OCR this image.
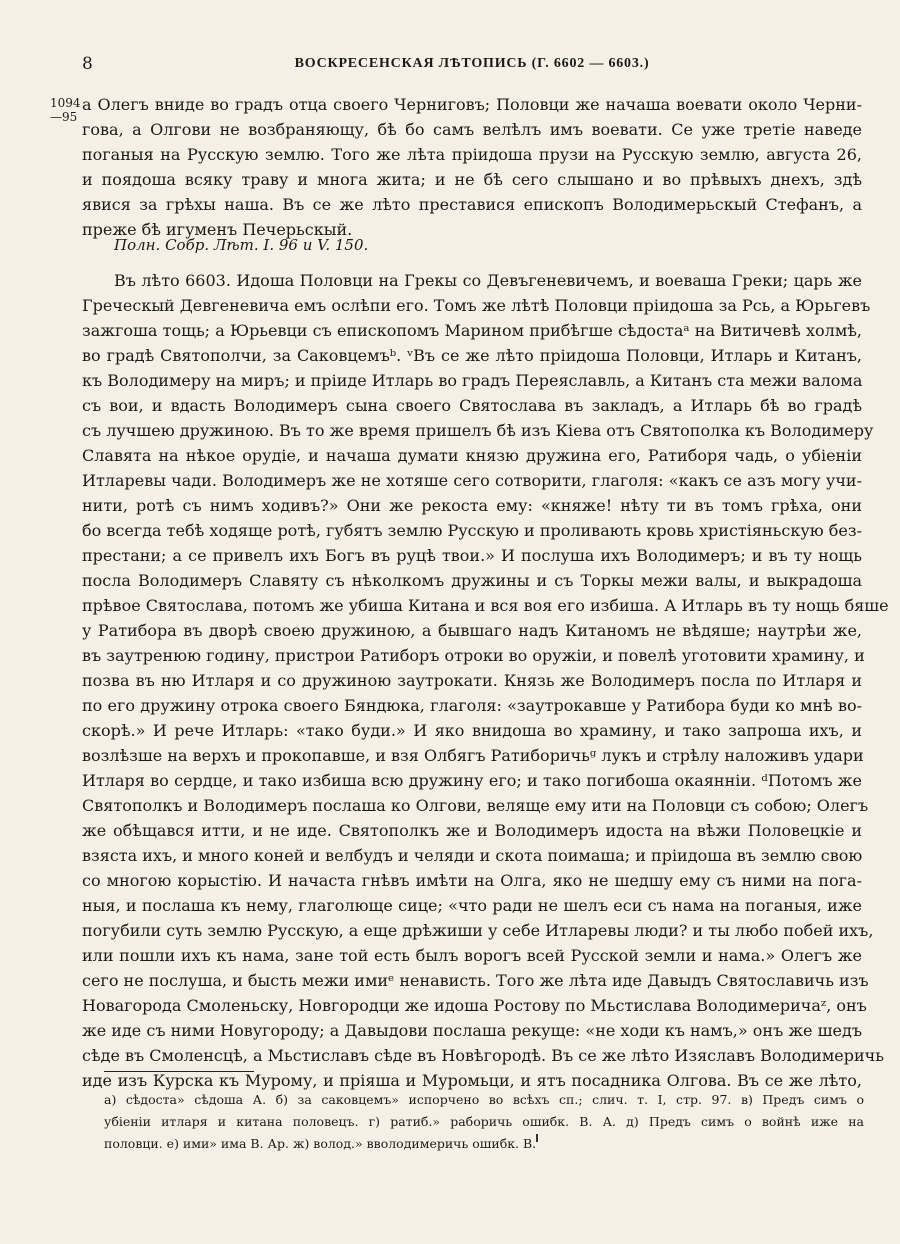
8	ВОСКРЕСЕНСКАЯ ЛѢТОПИСЬ (Г. 6602 — 6603.)
1094
—95
а Олегъ вниде во градъ отца своего Черниговъ; Половци же начаша воевати около Черни-
гова, а Олгови не возбраняющу, бѣ бо самъ велѣлъ имъ воевати. Се уже третіе наведе
поганыя на Русскую землю. Того же лѣта пріидоша прузи на Русскую землю, августа 26,
и поядоша всяку траву и многа жита; и не бѣ сего слышано и во прѣвыхъ днехъ, здѣ
явися за грѣхы наша. Въ се же лѣто преставися епископъ Володимерьскый Стефанъ, а
преже бѣ игуменъ Печерьскый.
Полн. Собр. Лѣт. I. 96 и V. 150.
Въ лѣто 6603. Идоша Половци на Грекы со Девъгеневичемъ, и воеваша Греки; царь же
Греческый Девгеневича емъ ослѣпи его. Томъ же лѣтѣ Половци пріидоша за Рсь, а Юрьгевъ
зажгоша тощь; а Юрьевци съ епископомъ Марином прибѣгше сѣдостаᵃ на Витичевѣ холмѣ,
во градѣ Святополчи, за Саковцемъᵇ. ᵛВъ се же лѣто пріидоша Половци, Итларь и Китанъ,
къ Володимеру на миръ; и пріиде Итларь во градъ Переяславль, а Китанъ ста межи валома
съ вои, и вдасть Володимеръ сына своего Святослава въ закладъ, а Итларь бѣ во градѣ
съ лучшею дружиною. Въ то же время пришелъ бѣ изъ Кіева отъ Святополка къ Володимеру
Славята на нѣкое орудіе, и начаша думати князю дружина его, Ратиборя чадь, о убіеніи
Итларевы чади. Володимеръ же не хотяше сего сотворити, глаголя: «какъ се азъ могу учи-
нити, ротѣ съ нимъ ходивъ?» Они же рекоста ему: «княже! нѣту ти въ томъ грѣха, они
бо всегда тебѣ ходяще ротѣ, губятъ землю Русскую и проливають кровь христіяньскую без-
престани; а се привелъ ихъ Богъ въ руцѣ твои.» И послуша ихъ Володимеръ; и въ ту нощь
посла Володимеръ Славяту съ нѣколкомъ дружины и съ Торкы межи валы, и выкрадоша
прѣвое Святослава, потомъ же убиша Китана и вся воя его избиша. А Итларь въ ту нощь бяше
у Ратибора въ дворѣ своею дружиною, а бывшаго надъ Китаномъ не вѣдяше; наутрѣи же,
въ заутренюю годину, пристрои Ратиборъ отроки во оружіи, и повелѣ уготовити храмину, и
позва въ ню Итларя и со дружиною заутрокати. Князь же Володимеръ посла по Итларя и
по его дружину отрока своего Бяндюка, глаголя: «заутрокавше у Ратибора буди ко мнѣ во-
скорѣ.» И рече Итларь: «тако буди.» И яко внидоша во храмину, и тако запроша ихъ, и
возлѣзше на верхъ и прокопавше, и взя Олбягъ Ратиборичьᵍ лукъ и стрѣлу наложивъ удари
Итларя во сердце, и тако избиша всю дружину его; и тако погибоша окаяннiи. ᵈПотомъ же
Святополкъ и Володимеръ послаша ко Олгови, веляще ему ити на Половци съ собою; Олегъ
же обѣщався итти, и не иде. Святополкъ же и Володимеръ идоста на вѣжи Половецкіе и
взяста ихъ, и много коней и велбудъ и челяди и скота поимаша; и пріидоша въ землю свою
со многою корыстію. И начаста гнѣвъ имѣти на Олга, яко не шедшу ему съ ними на пога-
ныя, и послаша къ нему, глаголюще сице; «что ради не шелъ еси съ нама на поганыя, иже
погубили суть землю Русскую, а еще дрѣжиши у себе Итларевы люди? и ты любо побей ихъ,
или пошли ихъ къ нама, зане той есть былъ ворогъ всей Русской земли и нама.» Олегъ же
сего не послуша, и бысть межи имиᵉ ненависть. Того же лѣта иде Давыдъ Святославичь изъ
Новагорода Смоленьску, Новгородци же идоша Ростову по Мьстислава Володимеричаᶻ, онъ
же иде съ ними Новугороду; а Давыдови послаша рекуще: «не ходи къ намъ,» онъ же шедъ
сѣде въ Смоленсцѣ, а Мьстиславъ сѣде въ Новѣгородѣ. Въ се же лѣто Изяславъ Володимеричь
иде изъ Курска къ Мурому, и пріяша и Муромьци, и ятъ посадника Олгова. Въ се же лѣто,
а) сѣдоста» сѣдоша А. б) за саковцемъ» испорчено во всѣхъ сп.; слич. т. I, стр. 97. в) Предъ симъ о
убіеніи итларя и китана половецъ. г) ратиб.» раборичь ошибк. В. А. д) Предъ симъ о войнѣ иже на
половци. е) ими» има В. Ар. ж) волод.» вволодимеричь ошибк. В.
